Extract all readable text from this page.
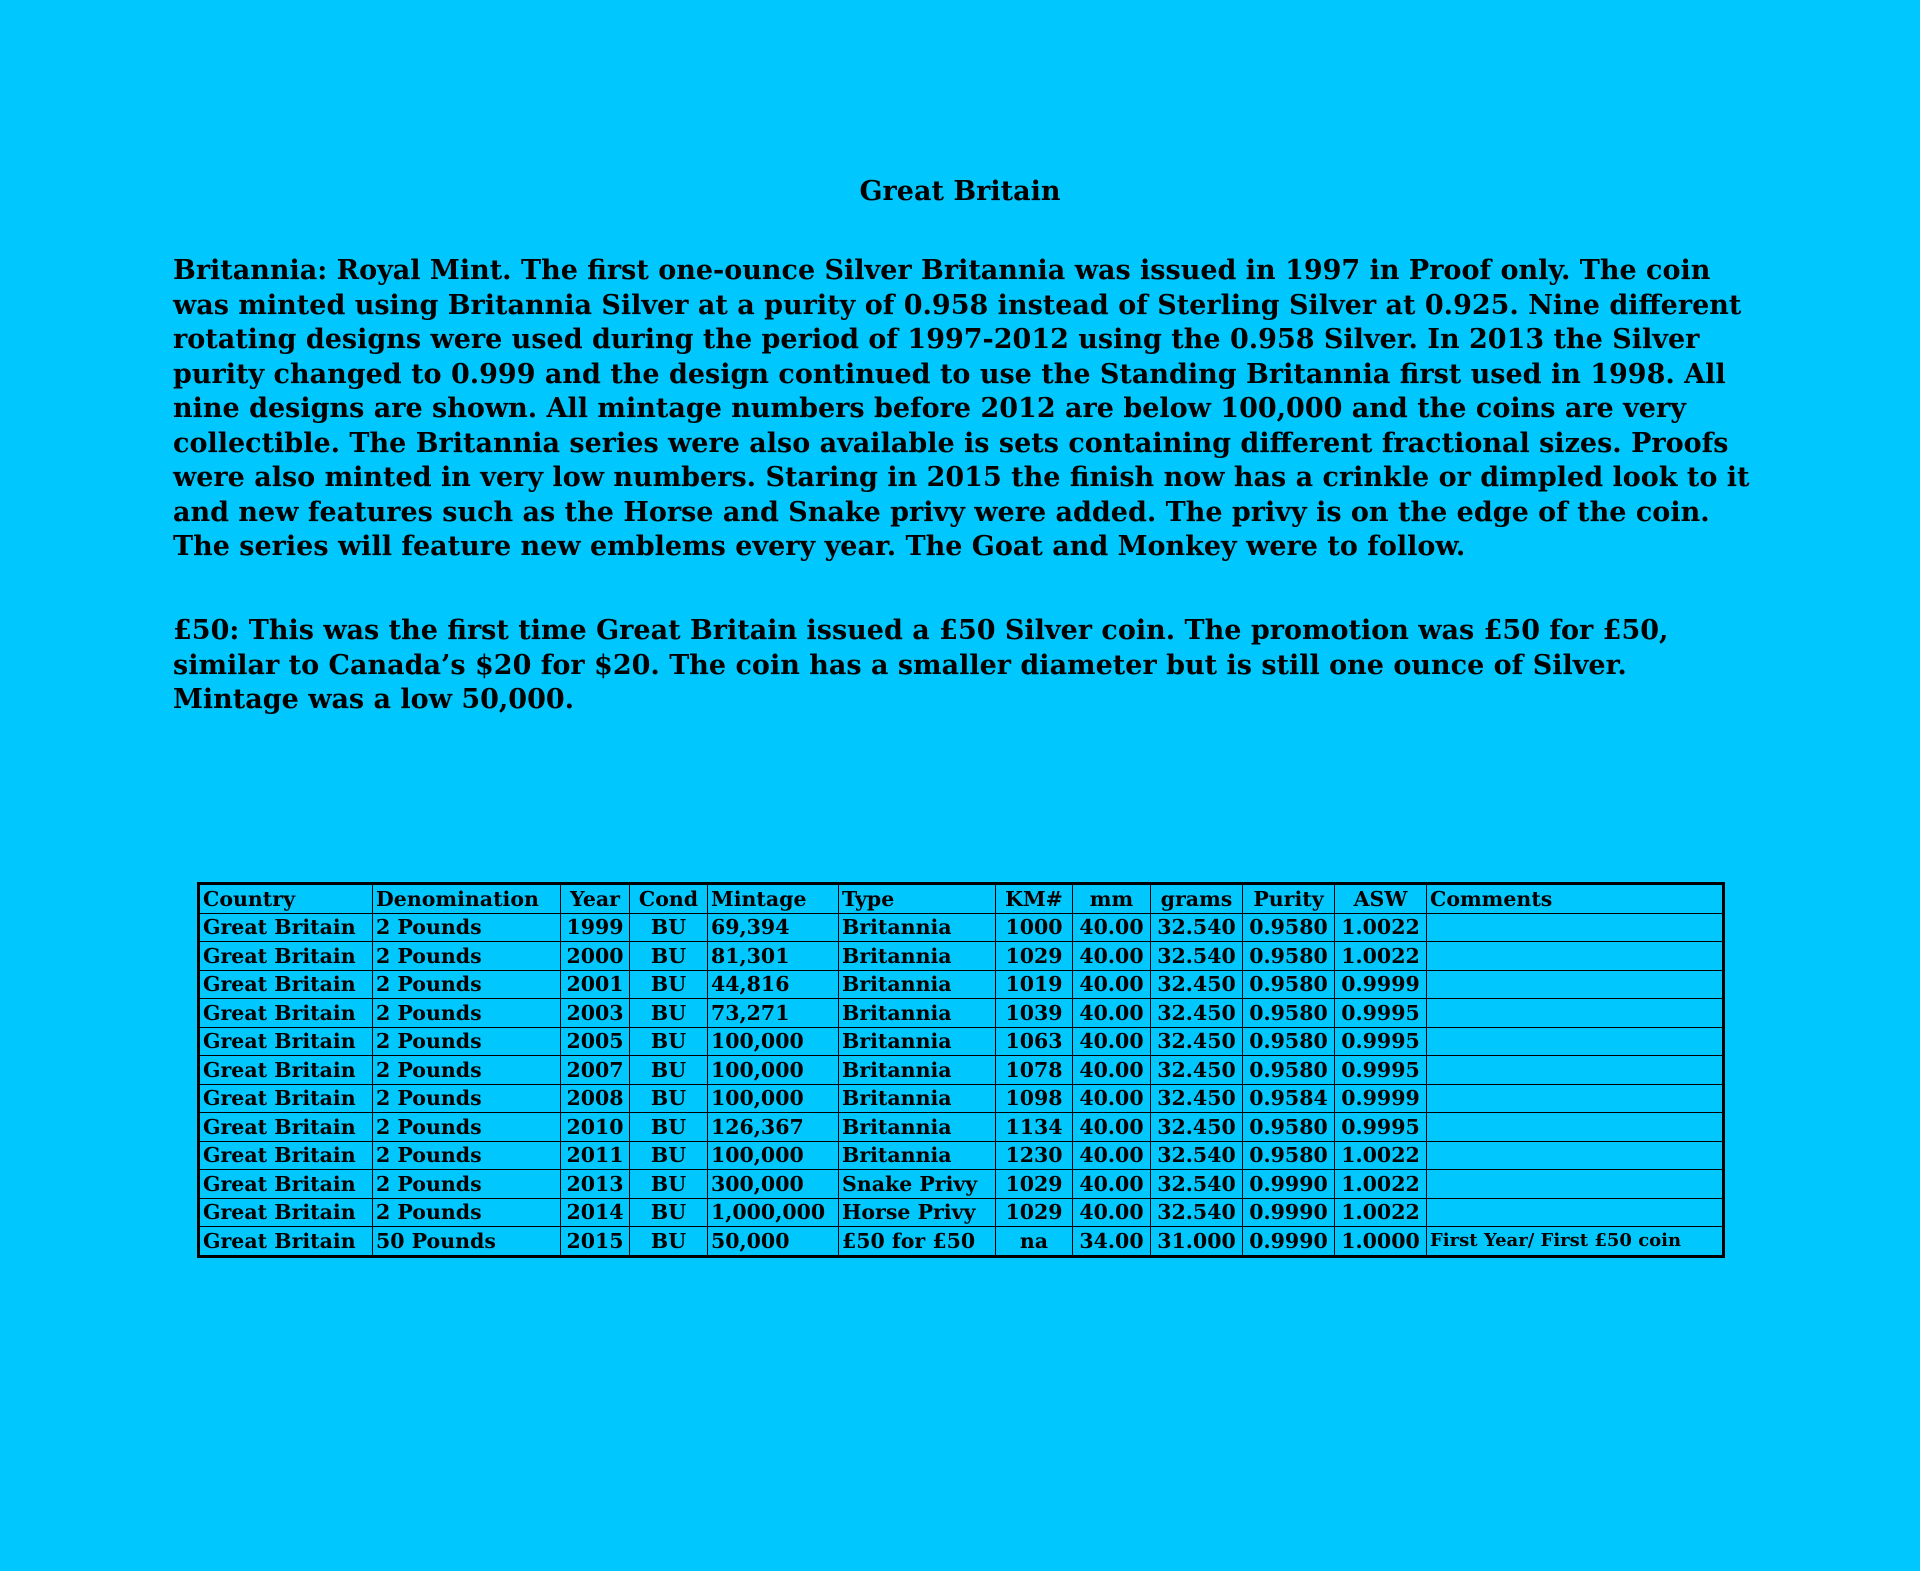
Great Britain

Britannia: Royal Mint. The first one-ounce Silver Britannia was issued in 1997 in Proof only. The coin was minted using Britannia Silver at a purity of 0.958 instead of Sterling Silver at 0.925. Nine different rotating designs were used during the period of 1997-2012 using the 0.958 Silver. In 2013 the Silver purity changed to 0.999 and the design continued to use the Standing Britannia first used in 1998. All nine designs are shown. All mintage numbers before 2012 are below 100,000 and the coins are very collectible. The Britannia series were also available is sets containing different fractional sizes. Proofs were also minted in very low numbers. Staring in 2015 the finish now has a crinkle or dimpled look to it and new features such as the Horse and Snake privy were added. The privy is on the edge of the coin. The series will feature new emblems every year. The Goat and Monkey were to follow.

£50: This was the first time Great Britain issued a £50 Silver coin. The promotion was £50 for £50, similar to Canada’s $20 for $20. The coin has a smaller diameter but is still one ounce of Silver. Mintage was a low 50,000.

Country	Denomination	Year	Cond	Mintage	Type	KM#	mm	grams	Purity	ASW	Comments
Great Britain	2 Pounds	1999	BU	69,394	Britannia	1000	40.00	32.540	0.9580	1.0022	
Great Britain	2 Pounds	2000	BU	81,301	Britannia	1029	40.00	32.540	0.9580	1.0022	
Great Britain	2 Pounds	2001	BU	44,816	Britannia	1019	40.00	32.450	0.9580	0.9999	
Great Britain	2 Pounds	2003	BU	73,271	Britannia	1039	40.00	32.450	0.9580	0.9995	
Great Britain	2 Pounds	2005	BU	100,000	Britannia	1063	40.00	32.450	0.9580	0.9995	
Great Britain	2 Pounds	2007	BU	100,000	Britannia	1078	40.00	32.450	0.9580	0.9995	
Great Britain	2 Pounds	2008	BU	100,000	Britannia	1098	40.00	32.450	0.9584	0.9999	
Great Britain	2 Pounds	2010	BU	126,367	Britannia	1134	40.00	32.450	0.9580	0.9995	
Great Britain	2 Pounds	2011	BU	100,000	Britannia	1230	40.00	32.540	0.9580	1.0022	
Great Britain	2 Pounds	2013	BU	300,000	Snake Privy	1029	40.00	32.540	0.9990	1.0022	
Great Britain	2 Pounds	2014	BU	1,000,000	Horse Privy	1029	40.00	32.540	0.9990	1.0022	
Great Britain	50 Pounds	2015	BU	50,000	£50 for £50	na	34.00	31.000	0.9990	1.0000	First Year/ First £50 coin
